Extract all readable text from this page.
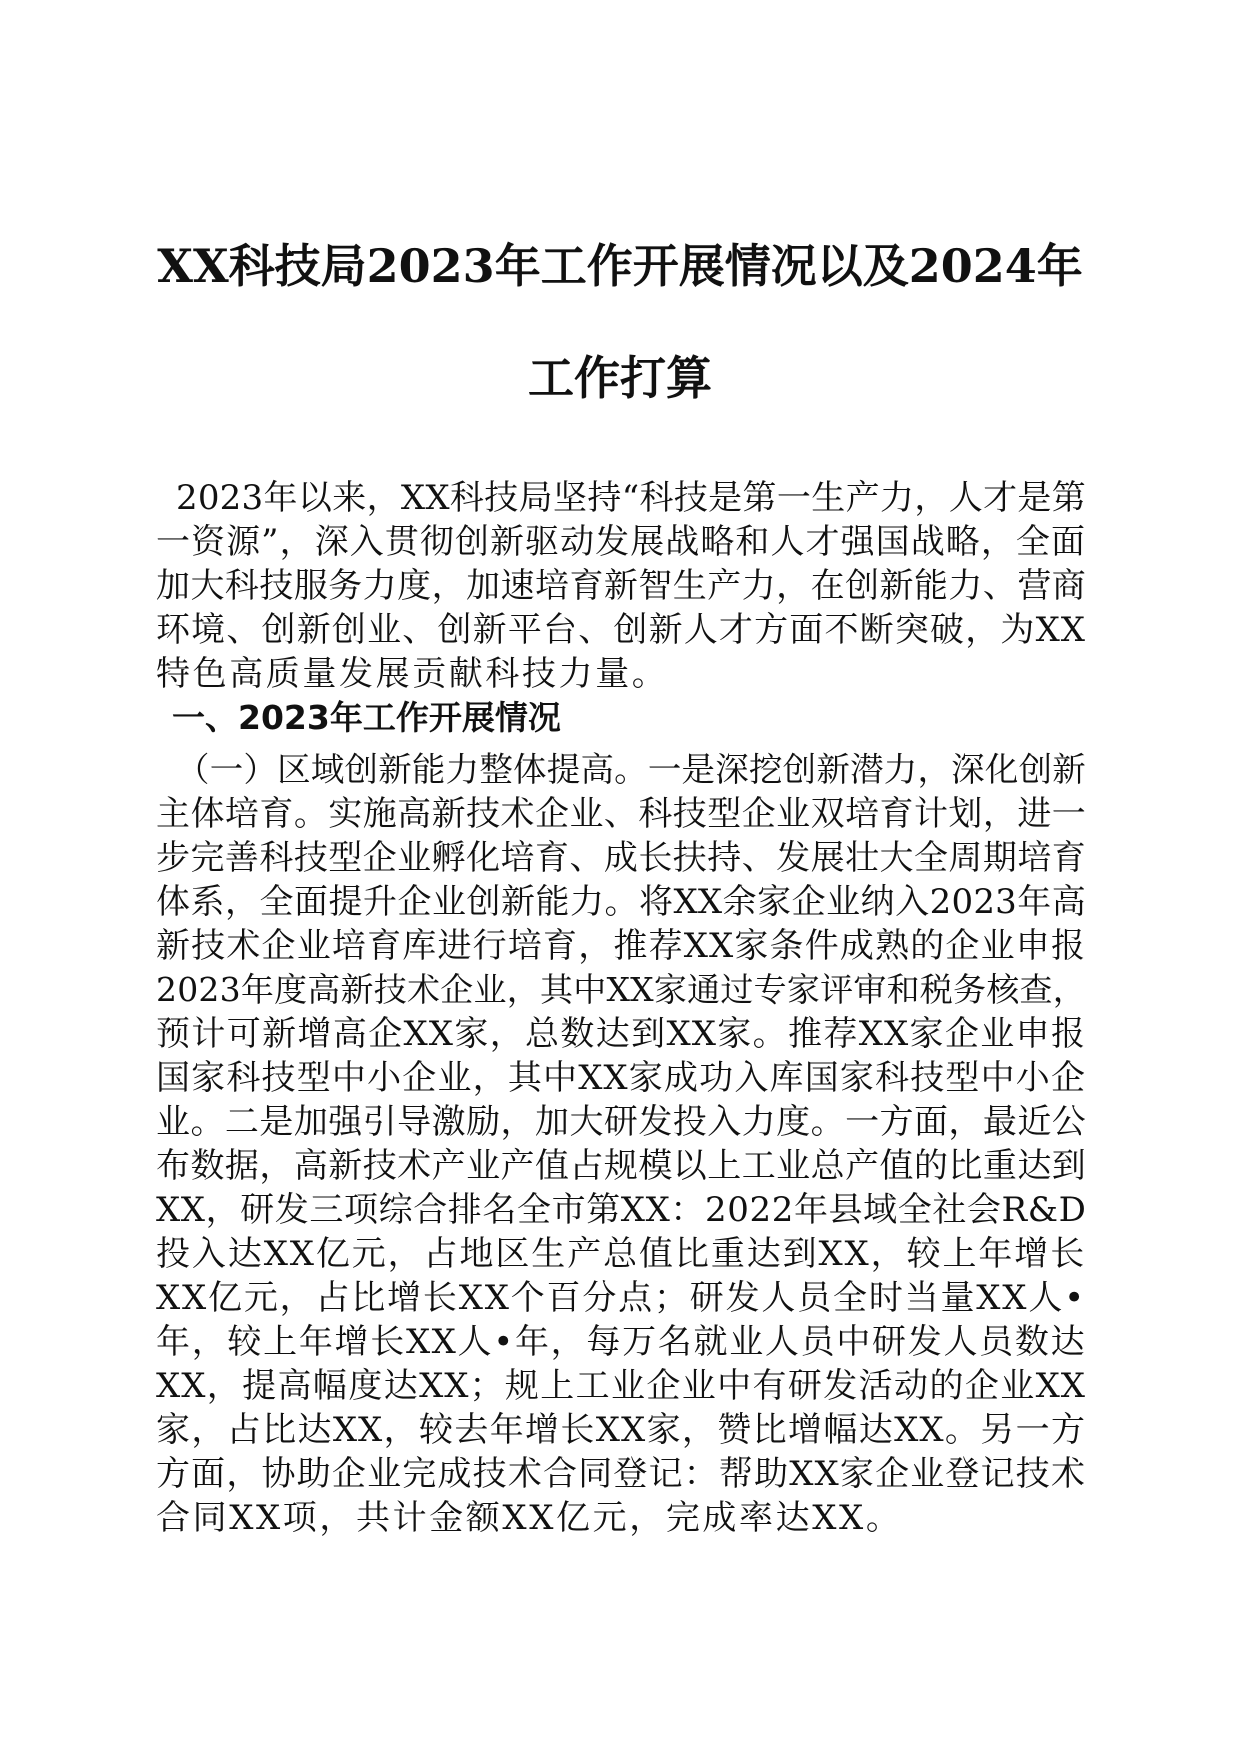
XX科技局2023年工作开展情况以及2024年
工作打算
2023年以来，XX科技局坚持“科技是第一生产力，人才是第
一资源”，深入贯彻创新驱动发展战略和人才强国战略，全面
加大科技服务力度，加速培育新智生产力，在创新能力、营商
环境、创新创业、创新平台、创新人才方面不断突破，为XX
特色高质量发展贡献科技力量。
一、2023年工作开展情况
（一）区域创新能力整体提高。一是深挖创新潜力，深化创新
主体培育。实施高新技术企业、科技型企业双培育计划，进一
步完善科技型企业孵化培育、成长扶持、发展壮大全周期培育
体系，全面提升企业创新能力。将XX余家企业纳入2023年高
新技术企业培育库进行培育，推荐XX家条件成熟的企业申报
2023年度高新技术企业，其中XX家通过专家评审和税务核查，
预计可新增高企XX家，总数达到XX家。推荐XX家企业申报
国家科技型中小企业，其中XX家成功入库国家科技型中小企
业。二是加强引导激励，加大研发投入力度。一方面，最近公
布数据，高新技术产业产值占规模以上工业总产值的比重达到
XX，研发三项综合排名全市第XX：2022年县域全社会R&D
投入达XX亿元，占地区生产总值比重达到XX，较上年增长
XX亿元，占比增长XX个百分点；研发人员全时当量XX人•
年，较上年增长XX人•年，每万名就业人员中研发人员数达
XX，提高幅度达XX；规上工业企业中有研发活动的企业XX
家，占比达XX，较去年增长XX家，赞比增幅达XX。另一方
方面，协助企业完成技术合同登记：帮助XX家企业登记技术
合同XX项，共计金额XX亿元，完成率达XX。
